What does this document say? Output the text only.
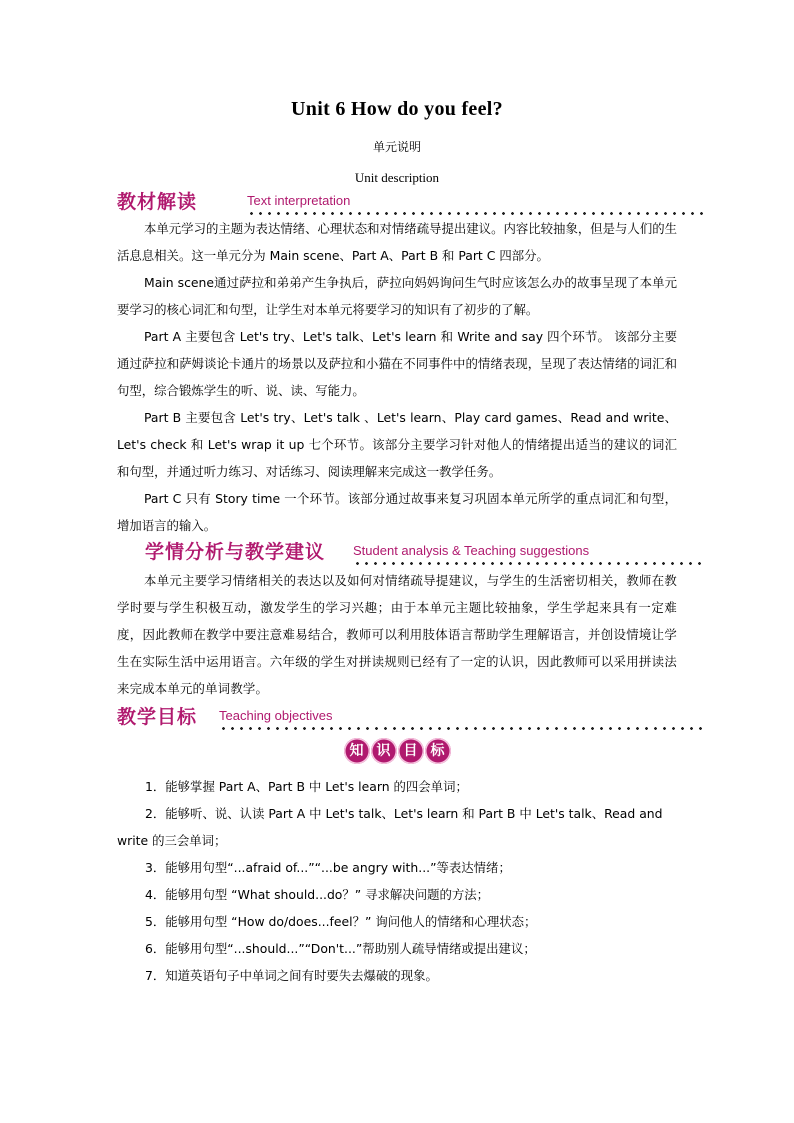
Unit 6 How do you feel?
单元说明
Unit description
教材解读	Text interpretation

本单元学习的主题为表达情绪、心理状态和对情绪疏导提出建议。内容比较抽象，但是与人们的生活息息相关。这一单元分为 Main scene、Part A、Part B 和 Part C 四部分。

Main scene通过萨拉和弟弟产生争执后，萨拉向妈妈询问生气时应该怎么办的故事呈现了本单元要学习的核心词汇和句型，让学生对本单元将要学习的知识有了初步的了解。

Part A 主要包含 Let's try、Let's talk、Let's learn 和 Write and say 四个环节。 该部分主要通过萨拉和萨姆谈论卡通片的场景以及萨拉和小猫在不同事件中的情绪表现，呈现了表达情绪的词汇和句型，综合锻炼学生的听、说、读、写能力。

Part B 主要包含 Let's try、Let's talk 、Let's learn、Play card games、Read and write、Let's check 和 Let's wrap it up 七个环节。该部分主要学习针对他人的情绪提出适当的建议的词汇和句型，并通过听力练习、对话练习、阅读理解来完成这一教学任务。

Part C 只有 Story time 一个环节。该部分通过故事来复习巩固本单元所学的重点词汇和句型，增加语言的输入。

学情分析与教学建议 Student analysis & Teaching suggestions

本单元主要学习情绪相关的表达以及如何对情绪疏导提建议，与学生的生活密切相关，教师在教学时要与学生积极互动，激发学生的学习兴趣；由于本单元主题比较抽象，学生学起来具有一定难度，因此教师在教学中要注意难易结合，教师可以利用肢体语言帮助学生理解语言，并创设情境让学生在实际生活中运用语言。六年级的学生对拼读规则已经有了一定的认识，因此教师可以采用拼读法来完成本单元的单词教学。

教学目标 Teaching objectives
知 识 目 标

1．能够掌握 Part A、Part B 中 Let's learn 的四会单词；

2．能够听、说、认读 Part A 中 Let's talk、Let's learn 和 Part B 中 Let's talk、Read and write 的三会单词；

3．能够用句型“...afraid of...”“...be angry with...”等表达情绪；

4．能够用句型 “What should...do？” 寻求解决问题的方法；

5．能够用句型 “How do/does...feel？” 询问他人的情绪和心理状态；

6．能够用句型“...should...”“Don't...”帮助别人疏导情绪或提出建议；

7．知道英语句子中单词之间有时要失去爆破的现象。
